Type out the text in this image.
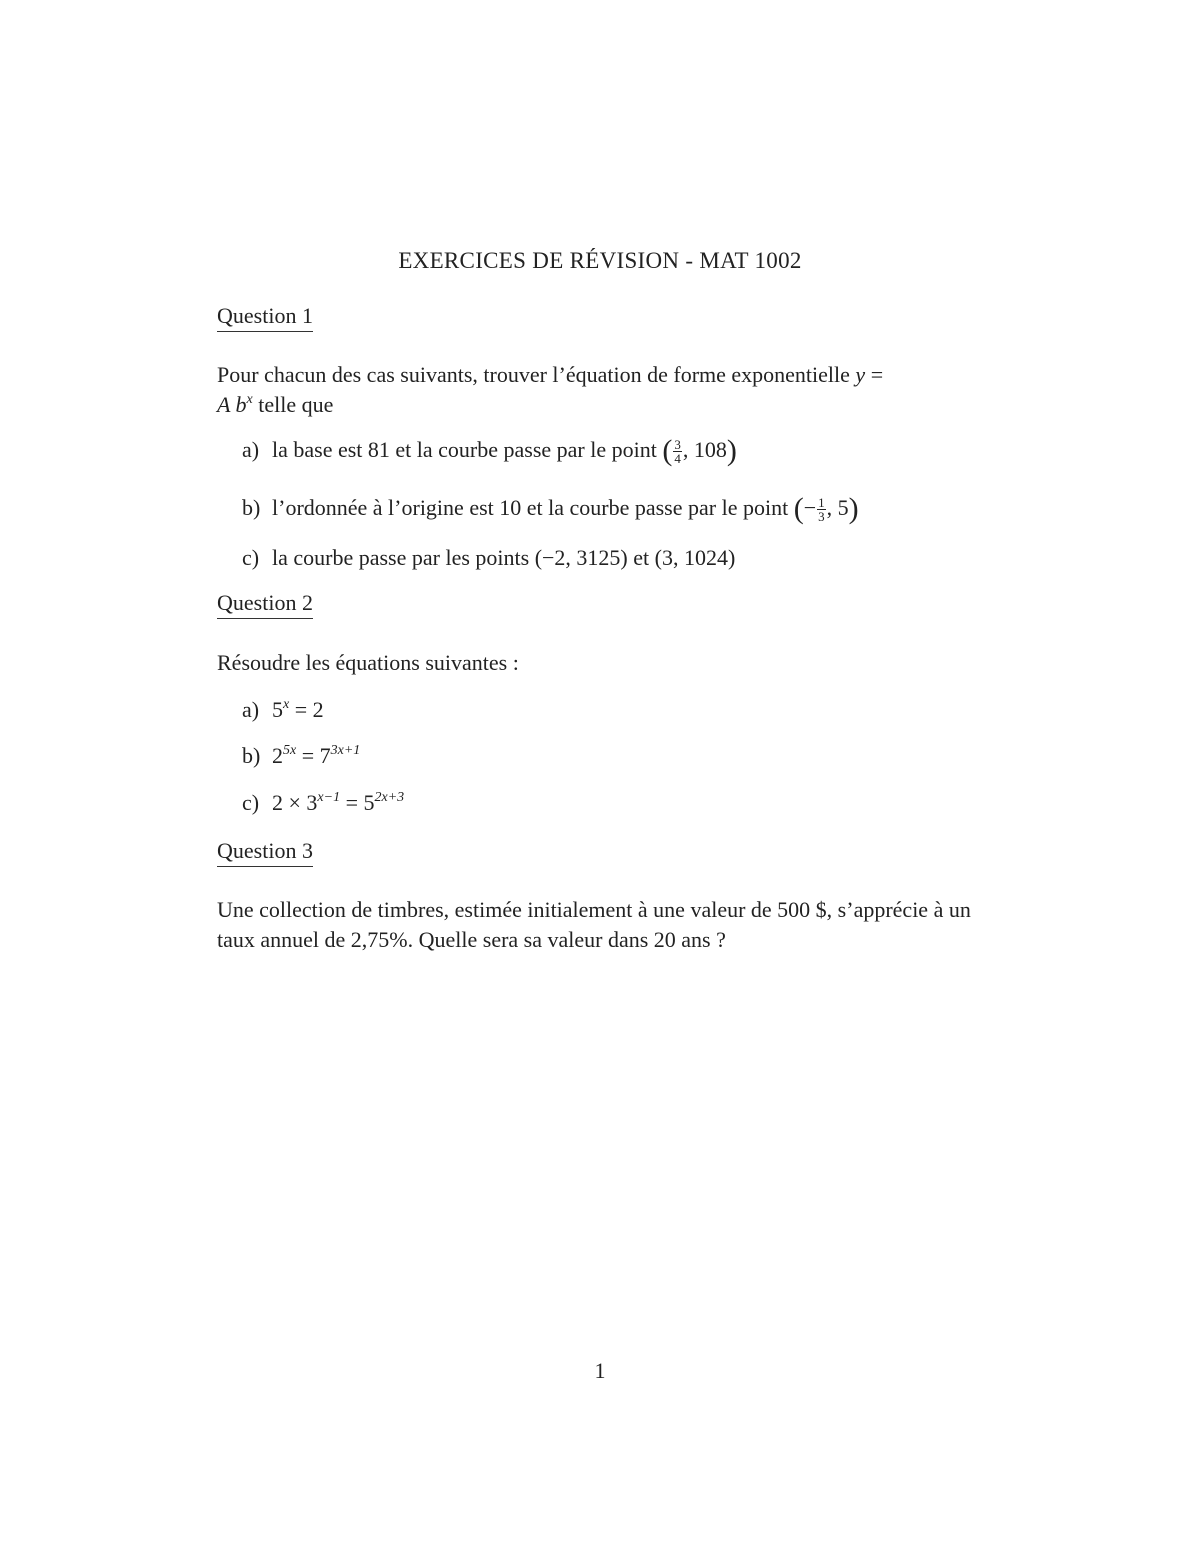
EXERCICES DE RÉVISION - MAT 1002
Question 1
Pour chacun des cas suivants, trouver l’équation de forme exponentielle y =
A $b^x$ telle que
a) la base est 81 et la courbe passe par le point ( $\frac{3}{4}$ , 108)
b) l’ordonnée à l’origine est 10 et la courbe passe par le point (− $\frac{1}{3}$ , 5)
c) la courbe passe par les points (−2, 3125) et (3, 1024)
Question 2
Résoudre les équations suivantes :
a) $5^x = 2$
b) $2^{5x} = 7^{3x+1}$
c) $2 \times 3^{x-1} = 5^{2x+3}$
Question 3
Une collection de timbres, estimée initialement à une valeur de 500 $, s’apprécie à un taux annuel de 2,75%. Quelle sera sa valeur dans 20 ans ?
1
